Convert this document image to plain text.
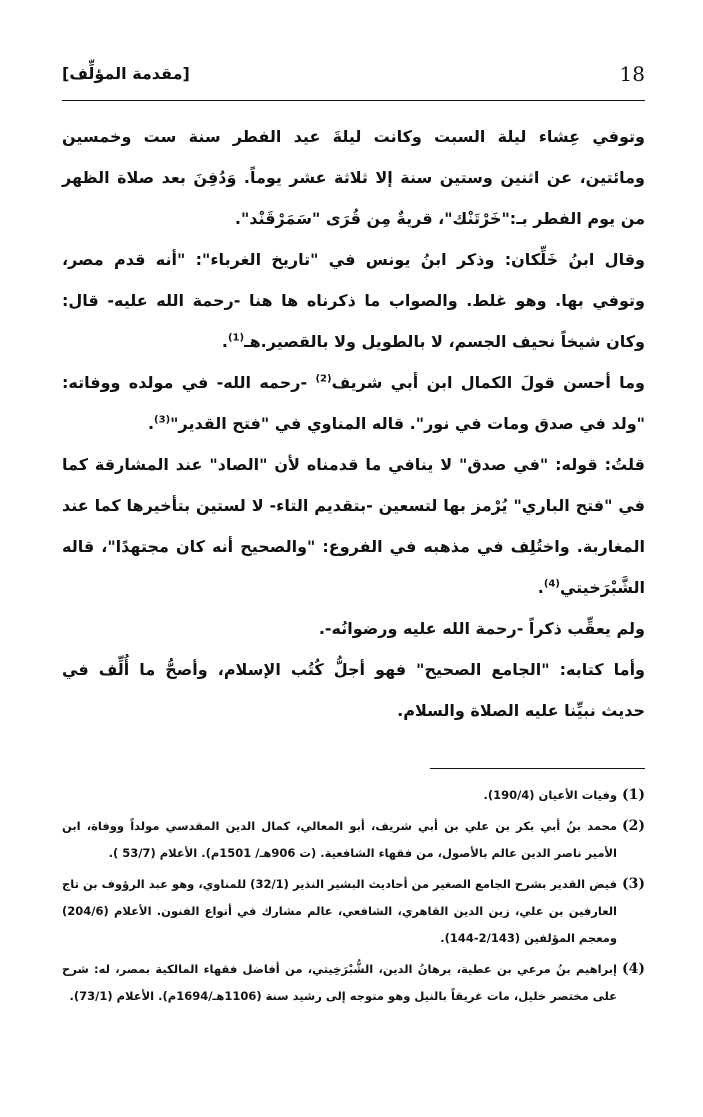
18
[مقدمة المؤلِّف]

وتوفي عِشاء ليلة السبت وكانت ليلةَ عيد الفطر سنة ست وخمسين ومائتين، عن اثنين وستين سنة إلا ثلاثة عشر يوماً. وَدُفِنَ بعد صلاة الظهر من يوم الفطر بـ:"خَرْتَنْك"، قريةٌ مِن قُرَى "سَمَرْقَنْد".

وقال ابنُ خَلِّكان: وذكر ابنُ يونس في "تاريخ الغرباء": "أنه قدم مصر، وتوفي بها. وهو غلط. والصواب ما ذكرناه ها هنا -رحمة الله عليه- قال: وكان شيخاً نحيف الجسم، لا بالطويل ولا بالقصير.هـ$^{(1)}$.

وما أحسن قولَ الكمال ابن أبي شريف$^{(2)}$ -رحمه الله- في مولده ووفاته: "ولد في صدق ومات في نور". قاله المناوي في "فتح القدير"$^{(3)}$.

قلتُ: قوله: "في صدق" لا ينافي ما قدمناه لأن "الصاد" عند المشارقة كما في "فتح الباري" يُرْمز بها لتسعين -بتقديم التاء- لا لستين بتأخيرها كما عند المغاربة. واختُلِف في مذهبه في الفروع: "والصحيح أنه كان مجتهدًا"، قاله الشَّبْرَخيتي$^{(4)}$.

ولم يعقِّب ذكراً -رحمة الله عليه ورضوانُه-.

وأما كتابه: "الجامع الصحيح" فهو أجلُّ كُتُب الإسلام، وأصحُّ ما أُلِّف في حديث نبيِّنا عليه الصلاة والسلام.

(1)
وفيات الأعيان (190/4).
(2)
محمد بنُ أبي بكر بن علي بن أبي شريف، أبو المعالي، كمال الدين المقدسي مولداً ووفاة، ابن الأمير ناصر الدين عالم بالأصول، من فقهاء الشافعية. (ت 906هـ/ 1501م). الأعلام (53/7 ).
(3)
فيض القدير بشرح الجامع الصغير من أحاديث البشير النذير (32/1) للمناوي، وهو عبد الرؤوف بن تاج العارفين بن علي، زين الدين القاهري، الشافعي، عالم مشارك في أنواع الفنون. الأعلام (204/6) ومعجم المؤلفين (2/143-144).
(4)
إبراهيم بنُ مرعي بن عطية، برهانُ الدين، الشُّبْرَخِيتي، من أفاضل فقهاء المالكية بمصر، له: شرح على مختصر خليل، مات غريقاً بالنيل وهو متوجه إلى رشيد سنة (1106هـ/1694م). الأعلام (73/1).
